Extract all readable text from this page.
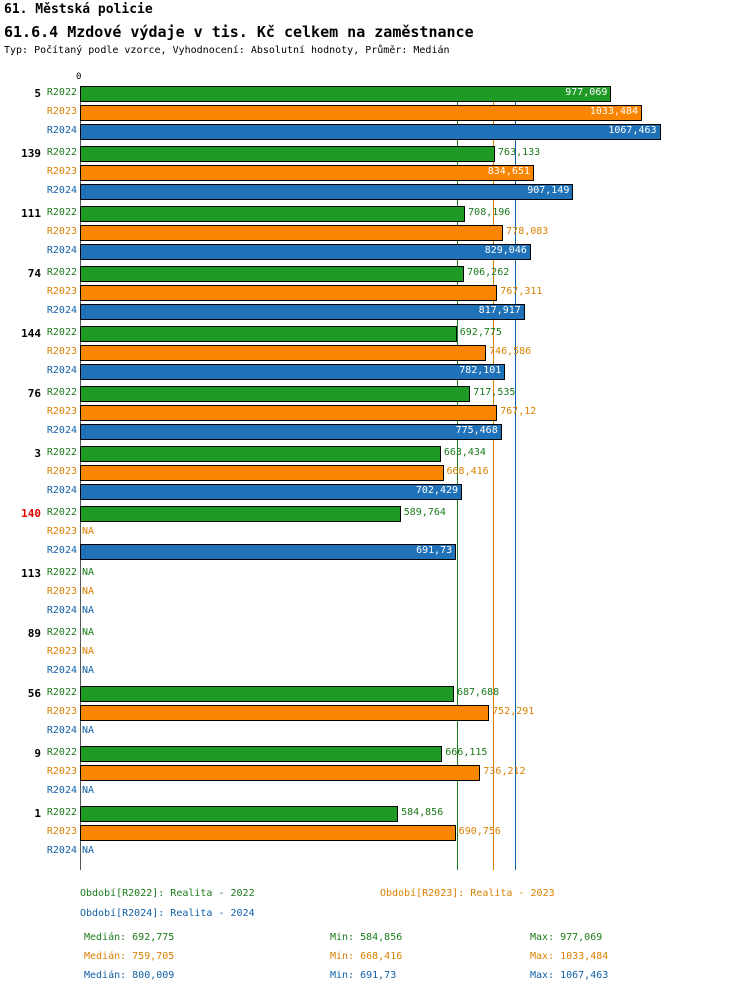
61. Městská policie
61.6.4 Mzdové výdaje v tis. Kč celkem na zaměstnance
Typ: Počítaný podle vzorce, Vyhodnocení: Absolutní hodnoty, Průměr: Medián
0
5 R2022	977,069
R2023	1033,484
R2024	1067,463
139 R2022	763,133
R2023	834,651
R2024	907,149
111 R2022	708,196
R2023	778,083
R2024	829,046
74 R2022	706,262
R2023	767,311
R2024	817,917
144 R2022	692,775
R2023	746,586
R2024	782,101
76 R2022	717,535
R2023	767,12
R2024	775,468
3 R2022	663,434
R2023	668,416
R2024	702,429
140 R2022	589,764
R2023 NA
R2024	691,73
113 R2022 NA
R2023 NA
R2024 NA
89 R2022 NA
R2023 NA
R2024 NA
56 R2022	687,688
R2023	752,291
R2024 NA
9 R2022	666,115
R2023	736,212
R2024 NA
1 R2022	584,856
R2023	690,756
R2024 NA
Období[R2022]: Realita - 2022	Období[R2023]: Realita - 2023
Období[R2024]: Realita - 2024
Medián: 692,775	Min: 584,856	Max: 977,069
Medián: 759,705	Min: 668,416	Max: 1033,484
Medián: 800,009	Min: 691,73	Max: 1067,463
